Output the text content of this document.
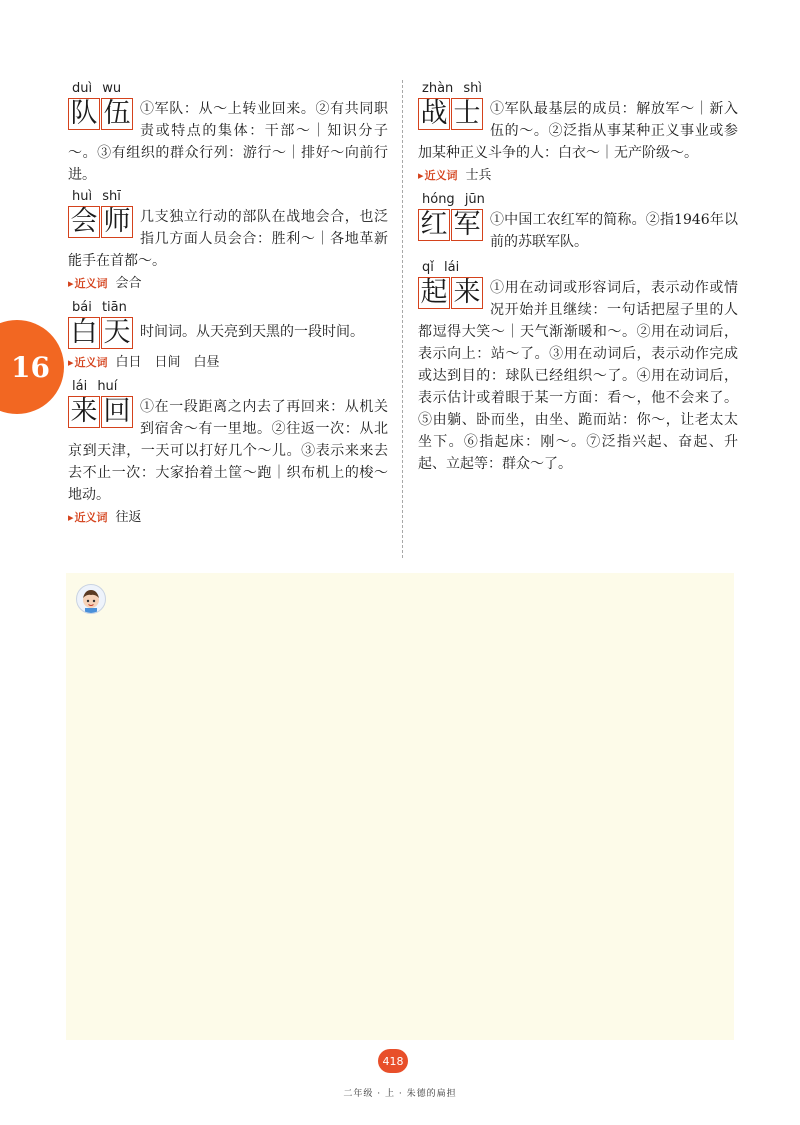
16
duì wu
队 伍 ①军队：从～上转业回来。②有共同职责或特点的集体：干部～｜知识分子～。③有组织的群众行列：游行～｜排好～向前行进。
huì shī
会 师 几支独立行动的部队在战地会合，也泛指几方面人员会合：胜利～｜各地革新能手在首都～。
▸ 近义词 会合
bái tiān
白 天 时间词。从天亮到天黑的一段时间。
▸ 近义词 白日　日间　白昼
lái huí
来 回 ①在一段距离之内去了再回来：从机关到宿舍～有一里地。②往返一次：从北京到天津，一天可以打好几个～儿。③表示来来去去不止一次：大家抬着土筐～跑｜织布机上的梭～地动。
▸ 近义词 往返
zhàn shì
战 士 ①军队最基层的成员：解放军～｜新入伍的～。②泛指从事某种正义事业或参加某种正义斗争的人：白衣～｜无产阶级～。
▸ 近义词 士兵
hóng jūn
红 军 ①中国工农红军的简称。②指1946年以前的苏联军队。
qǐ lái
起 来 ①用在动词或形容词后，表示动作或情况开始并且继续：一句话把屋子里的人都逗得大笑～｜天气渐渐暖和～。②用在动词后，表示向上：站～了。③用在动词后，表示动作完成或达到目的：球队已经组织～了。④用在动词后，表示估计或着眼于某一方面：看～，他不会来了。⑤由躺、卧而坐，由坐、跪而站：你～，让老太太坐下。⑥指起床：刚～。⑦泛指兴起、奋起、升起、立起等：群众～了。
418
二年级 · 上 · 朱德的扁担
